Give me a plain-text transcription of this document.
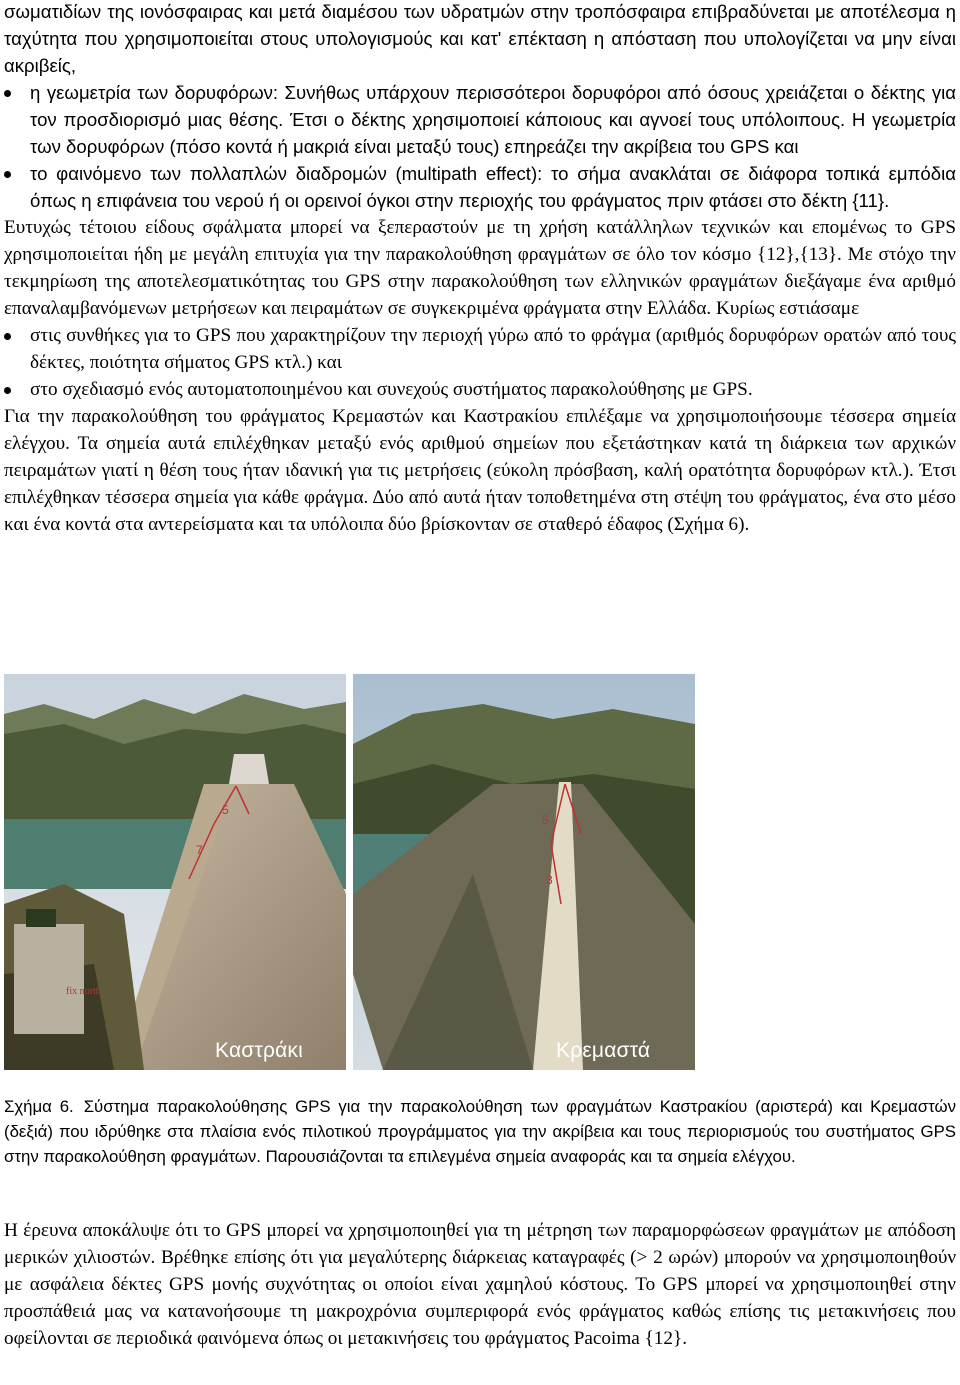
σωματιδίων της ιονόσφαιρας και μετά διαμέσου των υδρατμών στην τροπόσφαιρα επιβραδύνεται με αποτέλεσμα η ταχύτητα που χρησιμοποιείται στους υπολογισμούς και κατ' επέκταση η απόσταση που υπολογίζεται να μην είναι ακριβείς,

η γεωμετρία των δορυφόρων: Συνήθως υπάρχουν περισσότεροι δορυφόροι από όσους χρειάζεται ο δέκτης για τον προσδιορισμό μιας θέσης. Έτσι ο δέκτης χρησιμοποιεί κάποιους και αγνοεί τους υπόλοιπους. Η γεωμετρία των δορυφόρων (πόσο κοντά ή μακριά είναι μεταξύ τους) επηρεάζει την ακρίβεια του GPS και
το φαινόμενο των πολλαπλών διαδρομών (multipath effect): το σήμα ανακλάται σε διάφορα τοπικά εμπόδια όπως η επιφάνεια του νερού ή οι ορεινοί όγκοι στην περιοχής του φράγματος πριν φτάσει στο δέκτη {11}.

Ευτυχώς τέτοιου είδους σφάλματα μπορεί να ξεπεραστούν με τη χρήση κατάλληλων τεχνικών και επομένως το GPS χρησιμοποιείται ήδη με μεγάλη επιτυχία για την παρακολούθηση φραγμάτων σε όλο τον κόσμο {12},{13}. Με στόχο την τεκμηρίωση της αποτελεσματικότητας του GPS στην παρακολούθηση των ελληνικών φραγμάτων διεξάγαμε ένα αριθμό επαναλαμβανόμενων μετρήσεων και πειραμάτων σε συγκεκριμένα φράγματα στην Ελλάδα. Κυρίως εστιάσαμε

στις συνθήκες για το GPS που χαρακτηρίζουν την περιοχή γύρω από το φράγμα (αριθμός δορυφόρων ορατών από τους δέκτες, ποιότητα σήματος GPS κτλ.) και
στο σχεδιασμό ενός αυτοματοποιημένου και συνεχούς συστήματος παρακολούθησης με GPS.

Για την παρακολούθηση του φράγματος Κρεμαστών και Καστρακίου επιλέξαμε να χρησιμοποιήσουμε τέσσερα σημεία ελέγχου. Τα σημεία αυτά επιλέχθηκαν μεταξύ ενός αριθμού σημείων που εξετάστηκαν κατά τη διάρκεια των αρχικών πειραμάτων γιατί η θέση τους ήταν ιδανική για τις μετρήσεις (εύκολη πρόσβαση, καλή ορατότητα δορυφόρων κτλ.). Έτσι επιλέχθηκαν τέσσερα σημεία για κάθε φράγμα. Δύο από αυτά ήταν τοποθετημένα στη στέψη του φράγματος, ένα στο μέσο και ένα κοντά στα αντερείσματα και τα υπόλοιπα δύο βρίσκονταν σε σταθερό έδαφος (Σχήμα 6).

5
7
fix north
Καστράκι
5
3
Κρεμαστά

Σχήμα 6. Σύστημα παρακολούθησης GPS για την παρακολούθηση των φραγμάτων Καστρακίου (αριστερά) και Κρεμαστών (δεξιά) που ιδρύθηκε στα πλαίσια ενός πιλοτικού προγράμματος για την ακρίβεια και τους περιορισμούς του συστήματος GPS στην παρακολούθηση φραγμάτων. Παρουσιάζονται τα επιλεγμένα σημεία αναφοράς και τα σημεία ελέγχου.

Η έρευνα αποκάλυψε ότι το GPS μπορεί να χρησιμοποιηθεί για τη μέτρηση των παραμορφώσεων φραγμάτων με απόδοση μερικών χιλιοστών. Βρέθηκε επίσης ότι για μεγαλύτερης διάρκειας καταγραφές (> 2 ωρών) μπορούν να χρησιμοποιηθούν με ασφάλεια δέκτες GPS μονής συχνότητας οι οποίοι είναι χαμηλού κόστους. Το GPS μπορεί να χρησιμοποιηθεί στην προσπάθειά μας να κατανοήσουμε τη μακροχρόνια συμπεριφορά ενός φράγματος καθώς επίσης τις μετακινήσεις που οφείλονται σε περιοδικά φαινόμενα όπως οι μετακινήσεις του φράγματος Pacoima {12}.
